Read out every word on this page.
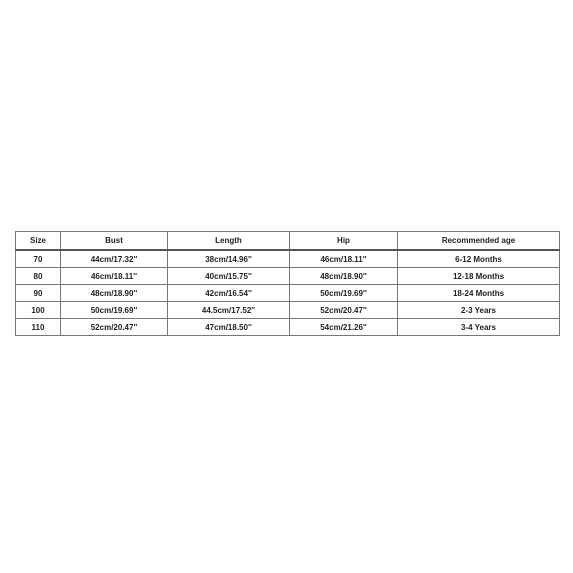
Size	Bust	Length	Hip	Recommended age
70	44cm/17.32''	38cm/14.96''	46cm/18.11''	6-12 Months
80	46cm/18.11''	40cm/15.75''	48cm/18.90''	12-18 Months
90	48cm/18.90''	42cm/16.54''	50cm/19.69''	18-24 Months
100	50cm/19.69''	44.5cm/17.52''	52cm/20.47''	2-3 Years
110	52cm/20.47''	47cm/18.50''	54cm/21.26''	3-4 Years
